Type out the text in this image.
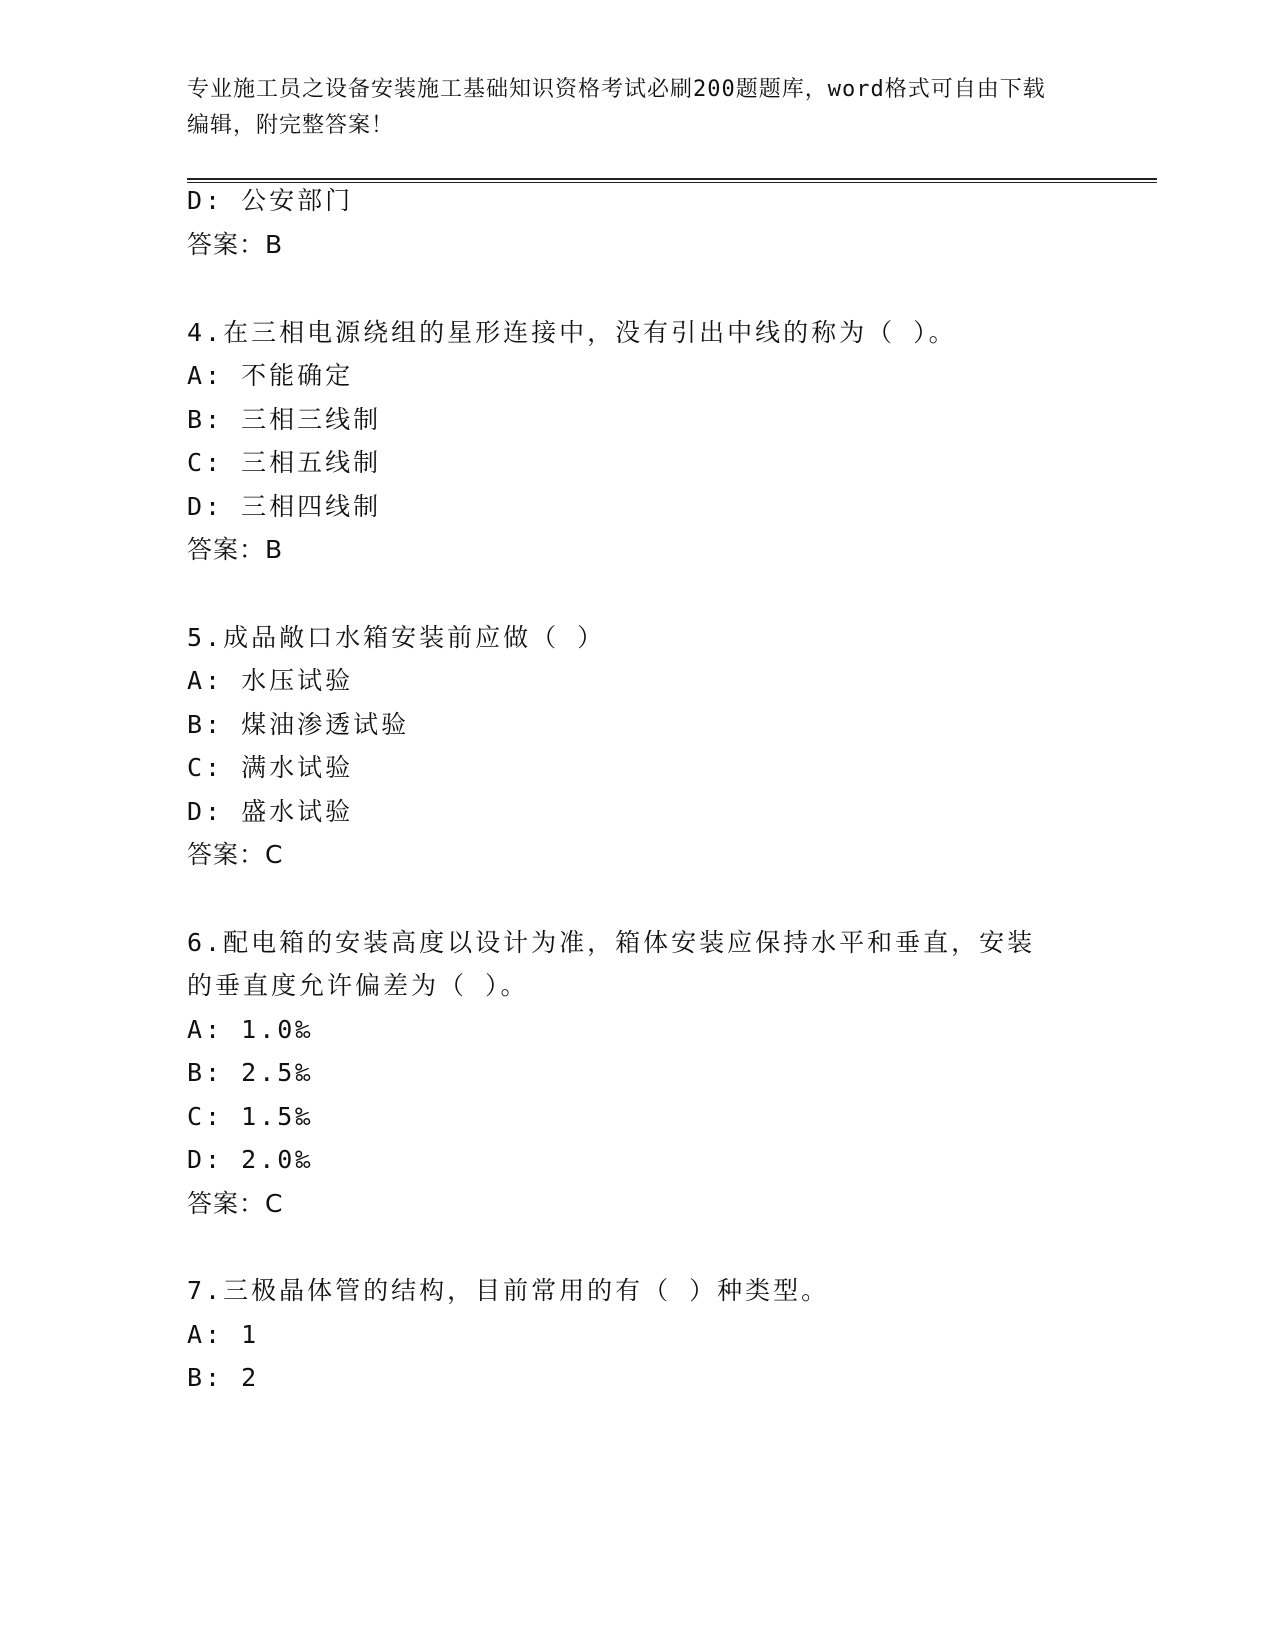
专业施工员之设备安装施工基础知识资格考试必刷200题题库，word格式可自由下载编辑，附完整答案！
D: 公安部门
答案：B
4.在三相电源绕组的星形连接中，没有引出中线的称为（ ）。
A: 不能确定
B: 三相三线制
C: 三相五线制
D: 三相四线制
答案：B
5.成品敞口水箱安装前应做（ ）
A: 水压试验
B: 煤油渗透试验
C: 满水试验
D: 盛水试验
答案：C
6.配电箱的安装高度以设计为准，箱体安装应保持水平和垂直，安装
的垂直度允许偏差为（ ）。
A: 1.0‰
B: 2.5‰
C: 1.5‰
D: 2.0‰
答案：C
7.三极晶体管的结构，目前常用的有（ ）种类型。
A: 1
B: 2
